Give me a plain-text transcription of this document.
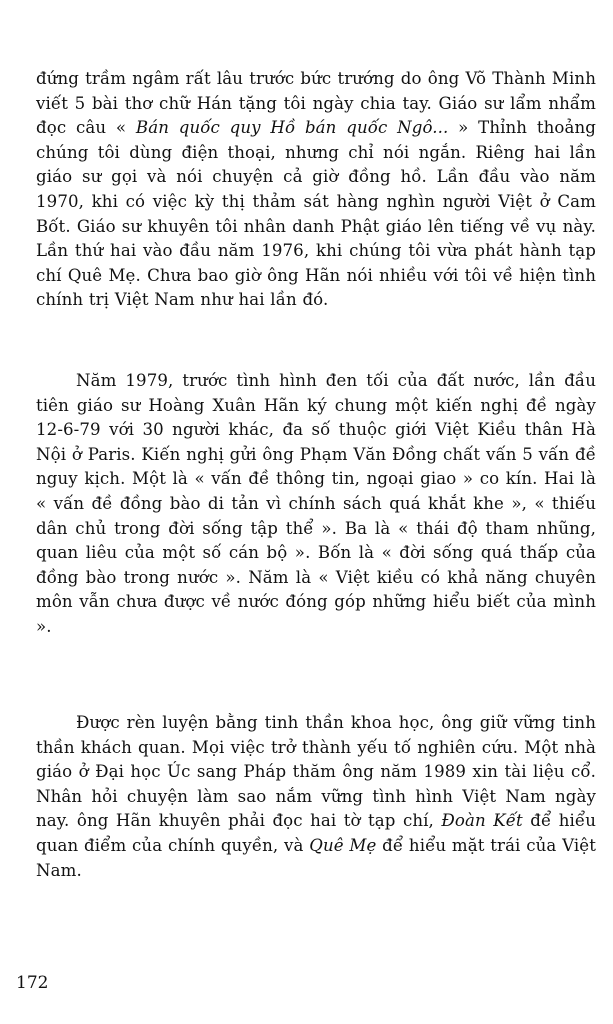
đứng trầm ngâm rất lâu trước bức trướng do ông Võ Thành Minh viết 5 bài thơ chữ Hán tặng tôi ngày chia tay. Giáo sư lẩm nhẩm đọc câu « Bán quốc quy Hồ bán quốc Ngô... » Thỉnh thoảng chúng tôi dùng điện thoại, nhưng chỉ nói ngắn. Riêng hai lần giáo sư gọi và nói chuyện cả giờ đồng hồ. Lần đầu vào năm 1970, khi có việc kỳ thị thảm sát hàng nghìn người Việt ở Cam Bốt. Giáo sư khuyên tôi nhân danh Phật giáo lên tiếng về vụ này. Lần thứ hai vào đầu năm 1976, khi chúng tôi vừa phát hành tạp chí Quê Mẹ. Chưa bao giờ ông Hãn nói nhiều với tôi về hiện tình chính trị Việt Nam như hai lần đó.

Năm 1979, trước tình hình đen tối của đất nước, lần đầu tiên giáo sư Hoàng Xuân Hãn ký chung một kiến nghị đề ngày 12-6-79 với 30 người khác, đa số thuộc giới Việt Kiều thân Hà Nội ở Paris. Kiến nghị gửi ông Phạm Văn Đồng chất vấn 5 vấn đề nguy kịch. Một là « vấn đề thông tin, ngoại giao » co kín. Hai là « vấn đề đồng bào di tản vì chính sách quá khắt khe », « thiếu dân chủ trong đời sống tập thể ». Ba là « thái độ tham nhũng, quan liêu của một số cán bộ ». Bốn là « đời sống quá thấp của đồng bào trong nước ». Năm là « Việt kiều có khả năng chuyên môn vẫn chưa được về nước đóng góp những hiểu biết của mình ».

Được rèn luyện bằng tinh thần khoa học, ông giữ vững tinh thần khách quan. Mọi việc trở thành yếu tố nghiên cứu. Một nhà giáo ở Đại học Úc sang Pháp thăm ông năm 1989 xin tài liệu cổ. Nhân hỏi chuyện làm sao nắm vững tình hình Việt Nam ngày nay. ông Hãn khuyên phải đọc hai tờ tạp chí, Đoàn Kết để hiểu quan điểm của chính quyền, và Quê Mẹ để hiểu mặt trái của Việt Nam.

172
